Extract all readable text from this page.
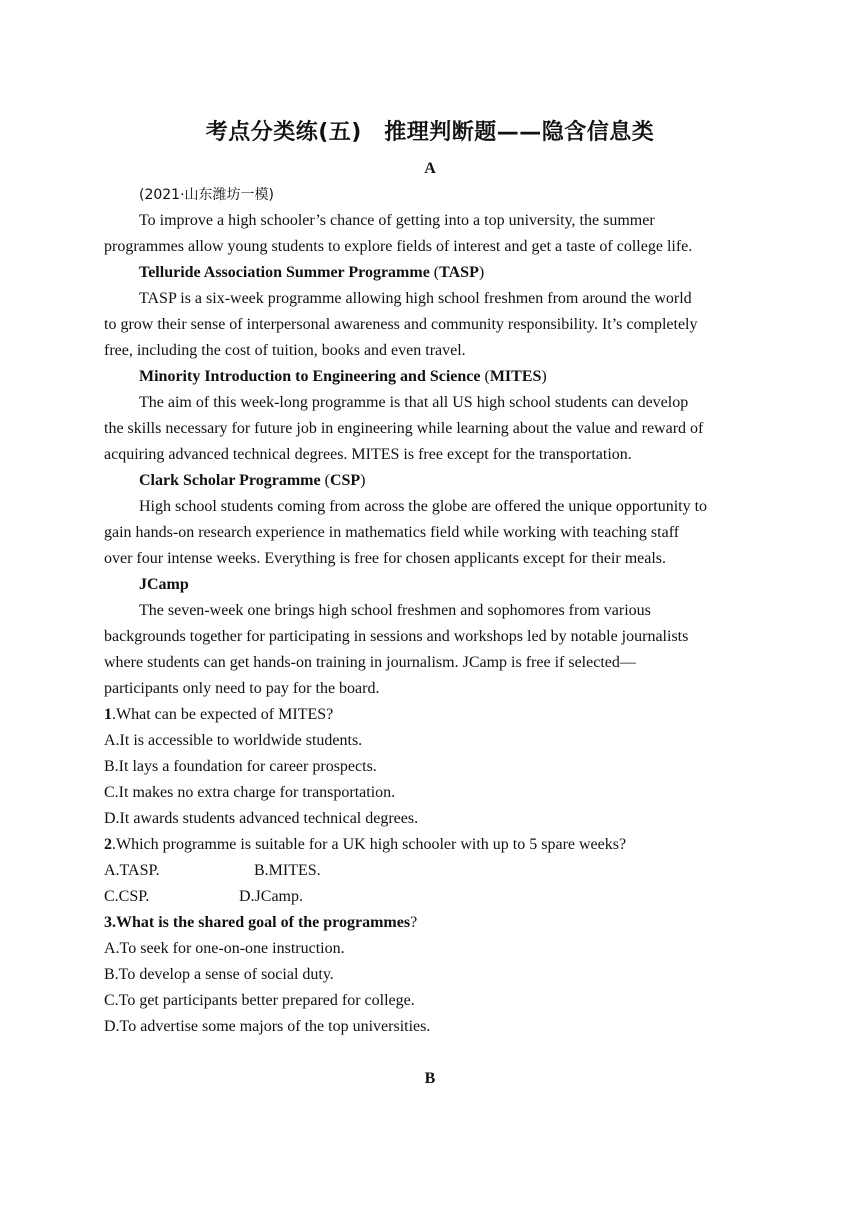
考点分类练(五)　推理判断题——隐含信息类
A
(2021·山东潍坊一模)
To improve a high schooler’s chance of getting into a top university, the summer
programmes allow young students to explore fields of interest and get a taste of college life.
Telluride Association Summer Programme (TASP)
TASP is a six-week programme allowing high school freshmen from around the world
to grow their sense of interpersonal awareness and community responsibility. It’s completely
free, including the cost of tuition, books and even travel.
Minority Introduction to Engineering and Science (MITES)
The aim of this week-long programme is that all US high school students can develop
the skills necessary for future job in engineering while learning about the value and reward of
acquiring advanced technical degrees. MITES is free except for the transportation.
Clark Scholar Programme (CSP)
High school students coming from across the globe are offered the unique opportunity to
gain hands-on research experience in mathematics field while working with teaching staff
over four intense weeks. Everything is free for chosen applicants except for their meals.
JCamp
The seven-week one brings high school freshmen and sophomores from various
backgrounds together for participating in sessions and workshops led by notable journalists
where students can get hands-on training in journalism. JCamp is free if selected—
participants only need to pay for the board.
1.What can be expected of MITES?
A.It is accessible to worldwide students.
B.It lays a foundation for career prospects.
C.It makes no extra charge for transportation.
D.It awards students advanced technical degrees.
2.Which programme is suitable for a UK high schooler with up to 5 spare weeks?
A.TASP.	B.MITES.
C.CSP.	D.JCamp.
3.What is the shared goal of the programmes?
A.To seek for one-on-one instruction.
B.To develop a sense of social duty.
C.To get participants better prepared for college.
D.To advertise some majors of the top universities.
B
